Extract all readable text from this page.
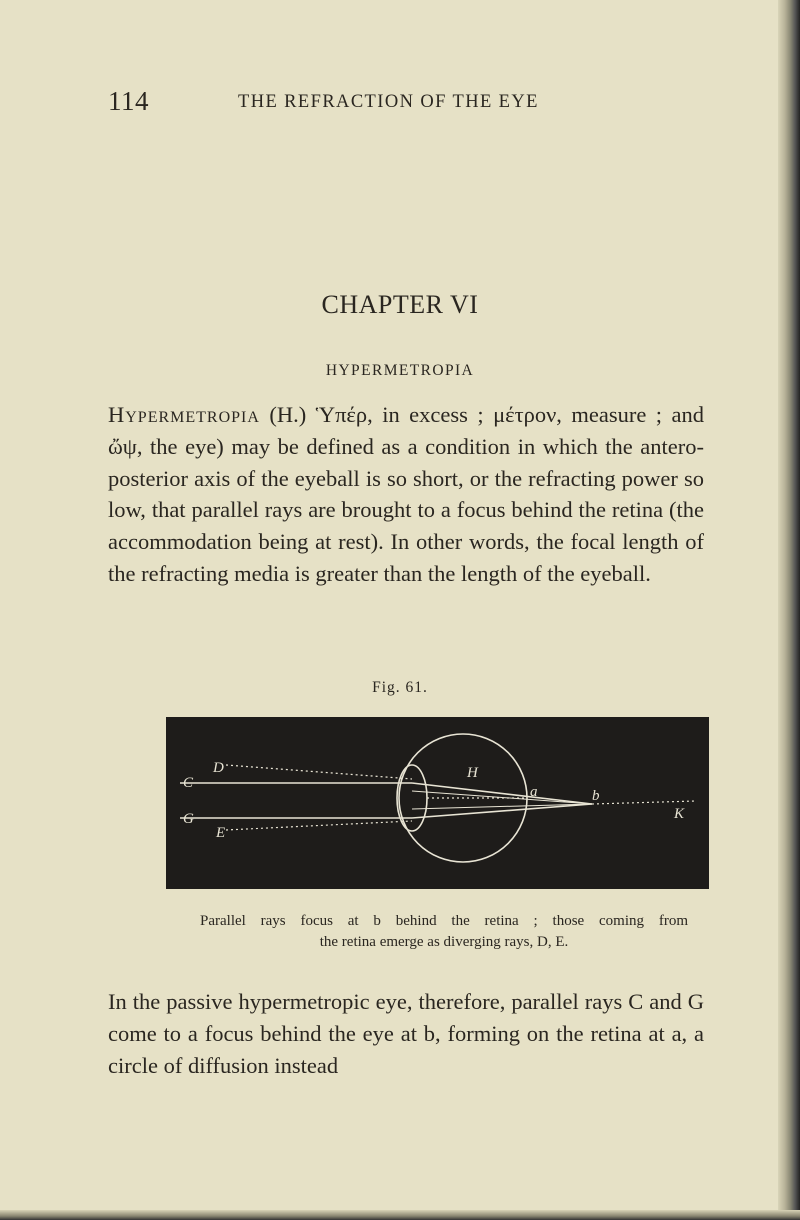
114	THE REFRACTION OF THE EYE
CHAPTER VI
HYPERMETROPIA

Hypermetropia (H.) Ὑπέρ, in excess ; μέτρον, measure ; and ὤψ, the eye) may be defined as a condition in which the antero-posterior axis of the eyeball is so short, or the refracting power so low, that parallel rays are brought to a focus behind the retina (the accommodation being at rest). In other words, the focal length of the refracting media is greater than the length of the eyeball.

Fig. 61.
D
C
G
E
H
a	b
K

Parallel rays focus at b behind the retina ; those coming from
the retina emerge as diverging rays, D, E.

In the passive hypermetropic eye, therefore, parallel rays C and G come to a focus behind the eye at b, forming on the retina at a, a circle of diffusion instead
